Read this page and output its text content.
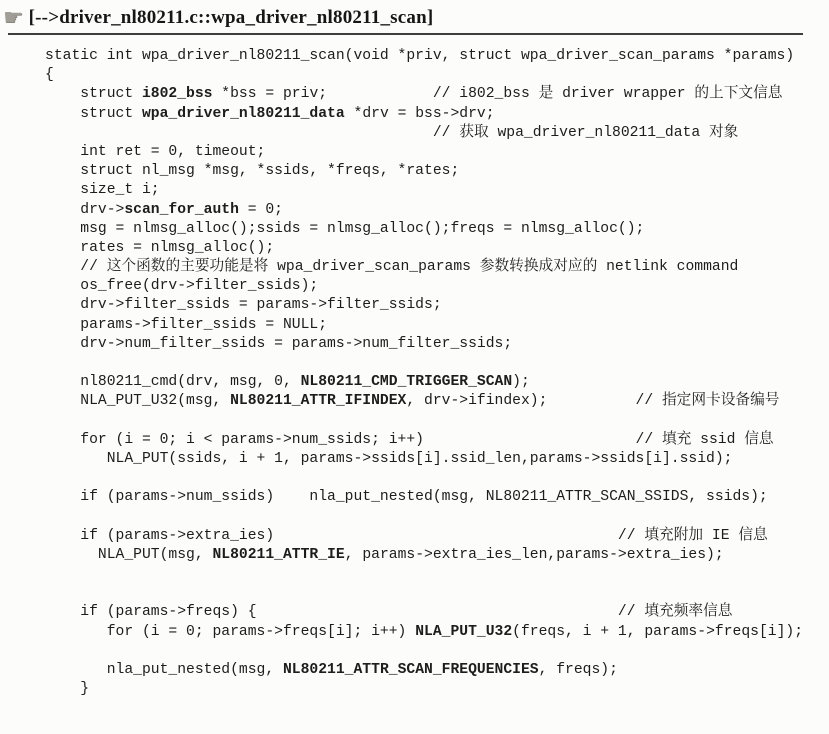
☛ [-->driver_nl80211.c::wpa_driver_nl80211_scan]
static int wpa_driver_nl80211_scan(void *priv, struct wpa_driver_scan_params *params)
{
struct i802_bss *bss = priv;            // i802_bss 是 driver wrapper 的上下文信息
struct wpa_driver_nl80211_data *drv = bss->drv;
// 获取 wpa_driver_nl80211_data 对象
int ret = 0, timeout;
struct nl_msg *msg, *ssids, *freqs, *rates;
size_t i;
drv->scan_for_auth = 0;
msg = nlmsg_alloc();ssids = nlmsg_alloc();freqs = nlmsg_alloc();
rates = nlmsg_alloc();
// 这个函数的主要功能是将 wpa_driver_scan_params 参数转换成对应的 netlink command
os_free(drv->filter_ssids);
drv->filter_ssids = params->filter_ssids;
params->filter_ssids = NULL;
drv->num_filter_ssids = params->num_filter_ssids;
nl80211_cmd(drv, msg, 0, NL80211_CMD_TRIGGER_SCAN);
NLA_PUT_U32(msg, NL80211_ATTR_IFINDEX, drv->ifindex);          // 指定网卡设备编号
for (i = 0; i < params->num_ssids; i++)                        // 填充 ssid 信息
NLA_PUT(ssids, i + 1, params->ssids[i].ssid_len,params->ssids[i].ssid);
if (params->num_ssids)    nla_put_nested(msg, NL80211_ATTR_SCAN_SSIDS, ssids);
if (params->extra_ies)                                       // 填充附加 IE 信息
NLA_PUT(msg, NL80211_ATTR_IE, params->extra_ies_len,params->extra_ies);
if (params->freqs) {                                         // 填充频率信息
for (i = 0; params->freqs[i]; i++) NLA_PUT_U32(freqs, i + 1, params->freqs[i]);
nla_put_nested(msg, NL80211_ATTR_SCAN_FREQUENCIES, freqs);
}
